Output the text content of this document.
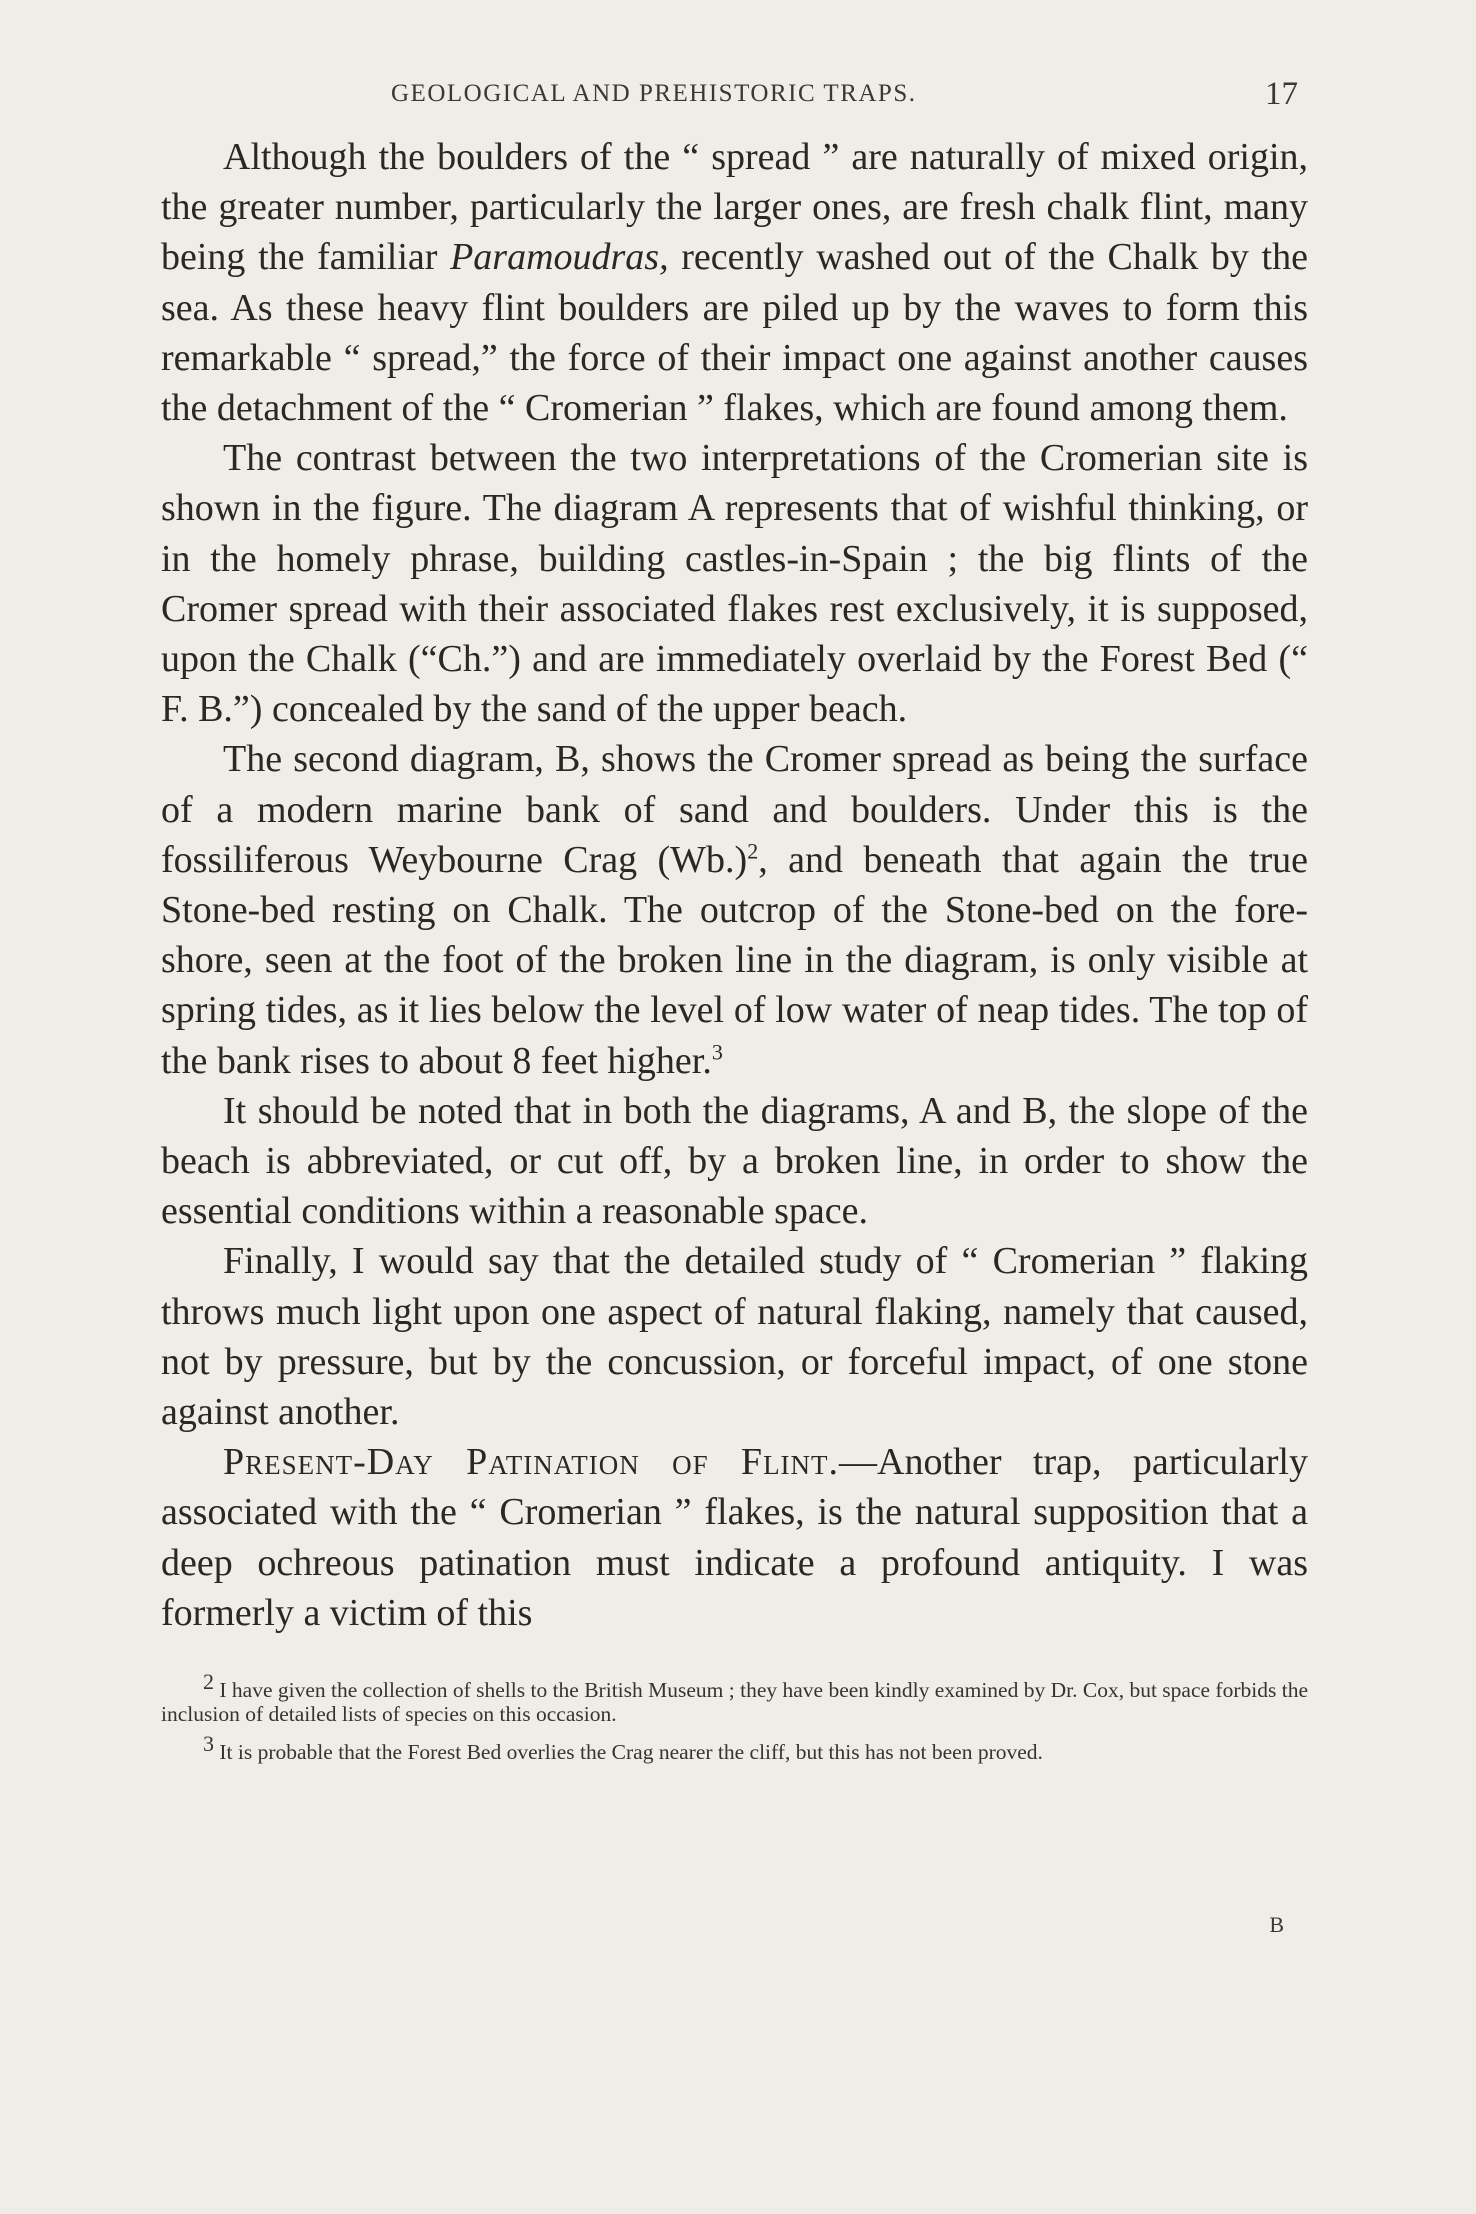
GEOLOGICAL AND PREHISTORIC TRAPS.	17

Although the boulders of the “ spread ” are naturally of mixed origin, the greater number, particularly the larger ones, are fresh chalk flint, many being the familiar Paramoudras, recently washed out of the Chalk by the sea. As these heavy flint boulders are piled up by the waves to form this remarkable “ spread,” the force of their impact one against another causes the detachment of the “ Cromerian ” flakes, which are found among them.

The contrast between the two interpretations of the Cromerian site is shown in the figure. The diagram A represents that of wishful thinking, or in the homely phrase, building castles-in-Spain ; the big flints of the Cromer spread with their associated flakes rest exclusively, it is supposed, upon the Chalk (“Ch.”) and are immediately overlaid by the Forest Bed (“ F. B.”) concealed by the sand of the upper beach.

The second diagram, B, shows the Cromer spread as being the surface of a modern marine bank of sand and boulders. Under this is the fossiliferous Weybourne Crag $(Wb.)^2$, and beneath that again the true Stone-bed resting on Chalk. The outcrop of the Stone-bed on the fore-shore, seen at the foot of the broken line in the diagram, is only visible at spring tides, as it lies below the level of low water of neap tides. The top of the bank rises to about 8 feet higher.$^3$

It should be noted that in both the diagrams, A and B, the slope of the beach is abbreviated, or cut off, by a broken line, in order to show the essential conditions within a reasonable space.

Finally, I would say that the detailed study of “ Cromerian ” flaking throws much light upon one aspect of natural flaking, namely that caused, not by pressure, but by the concussion, or forceful impact, of one stone against another.

Present-Day Patination of Flint.—Another trap, particularly associated with the “ Cromerian ” flakes, is the natural supposition that a deep ochreous patination must indicate a profound antiquity. I was formerly a victim of this

$^2$ I have given the collection of shells to the British Museum ; they have been kindly examined by Dr. Cox, but space forbids the inclusion of detailed lists of species on this occasion.

$^3$ It is probable that the Forest Bed overlies the Crag nearer the cliff, but this has not been proved.

B
